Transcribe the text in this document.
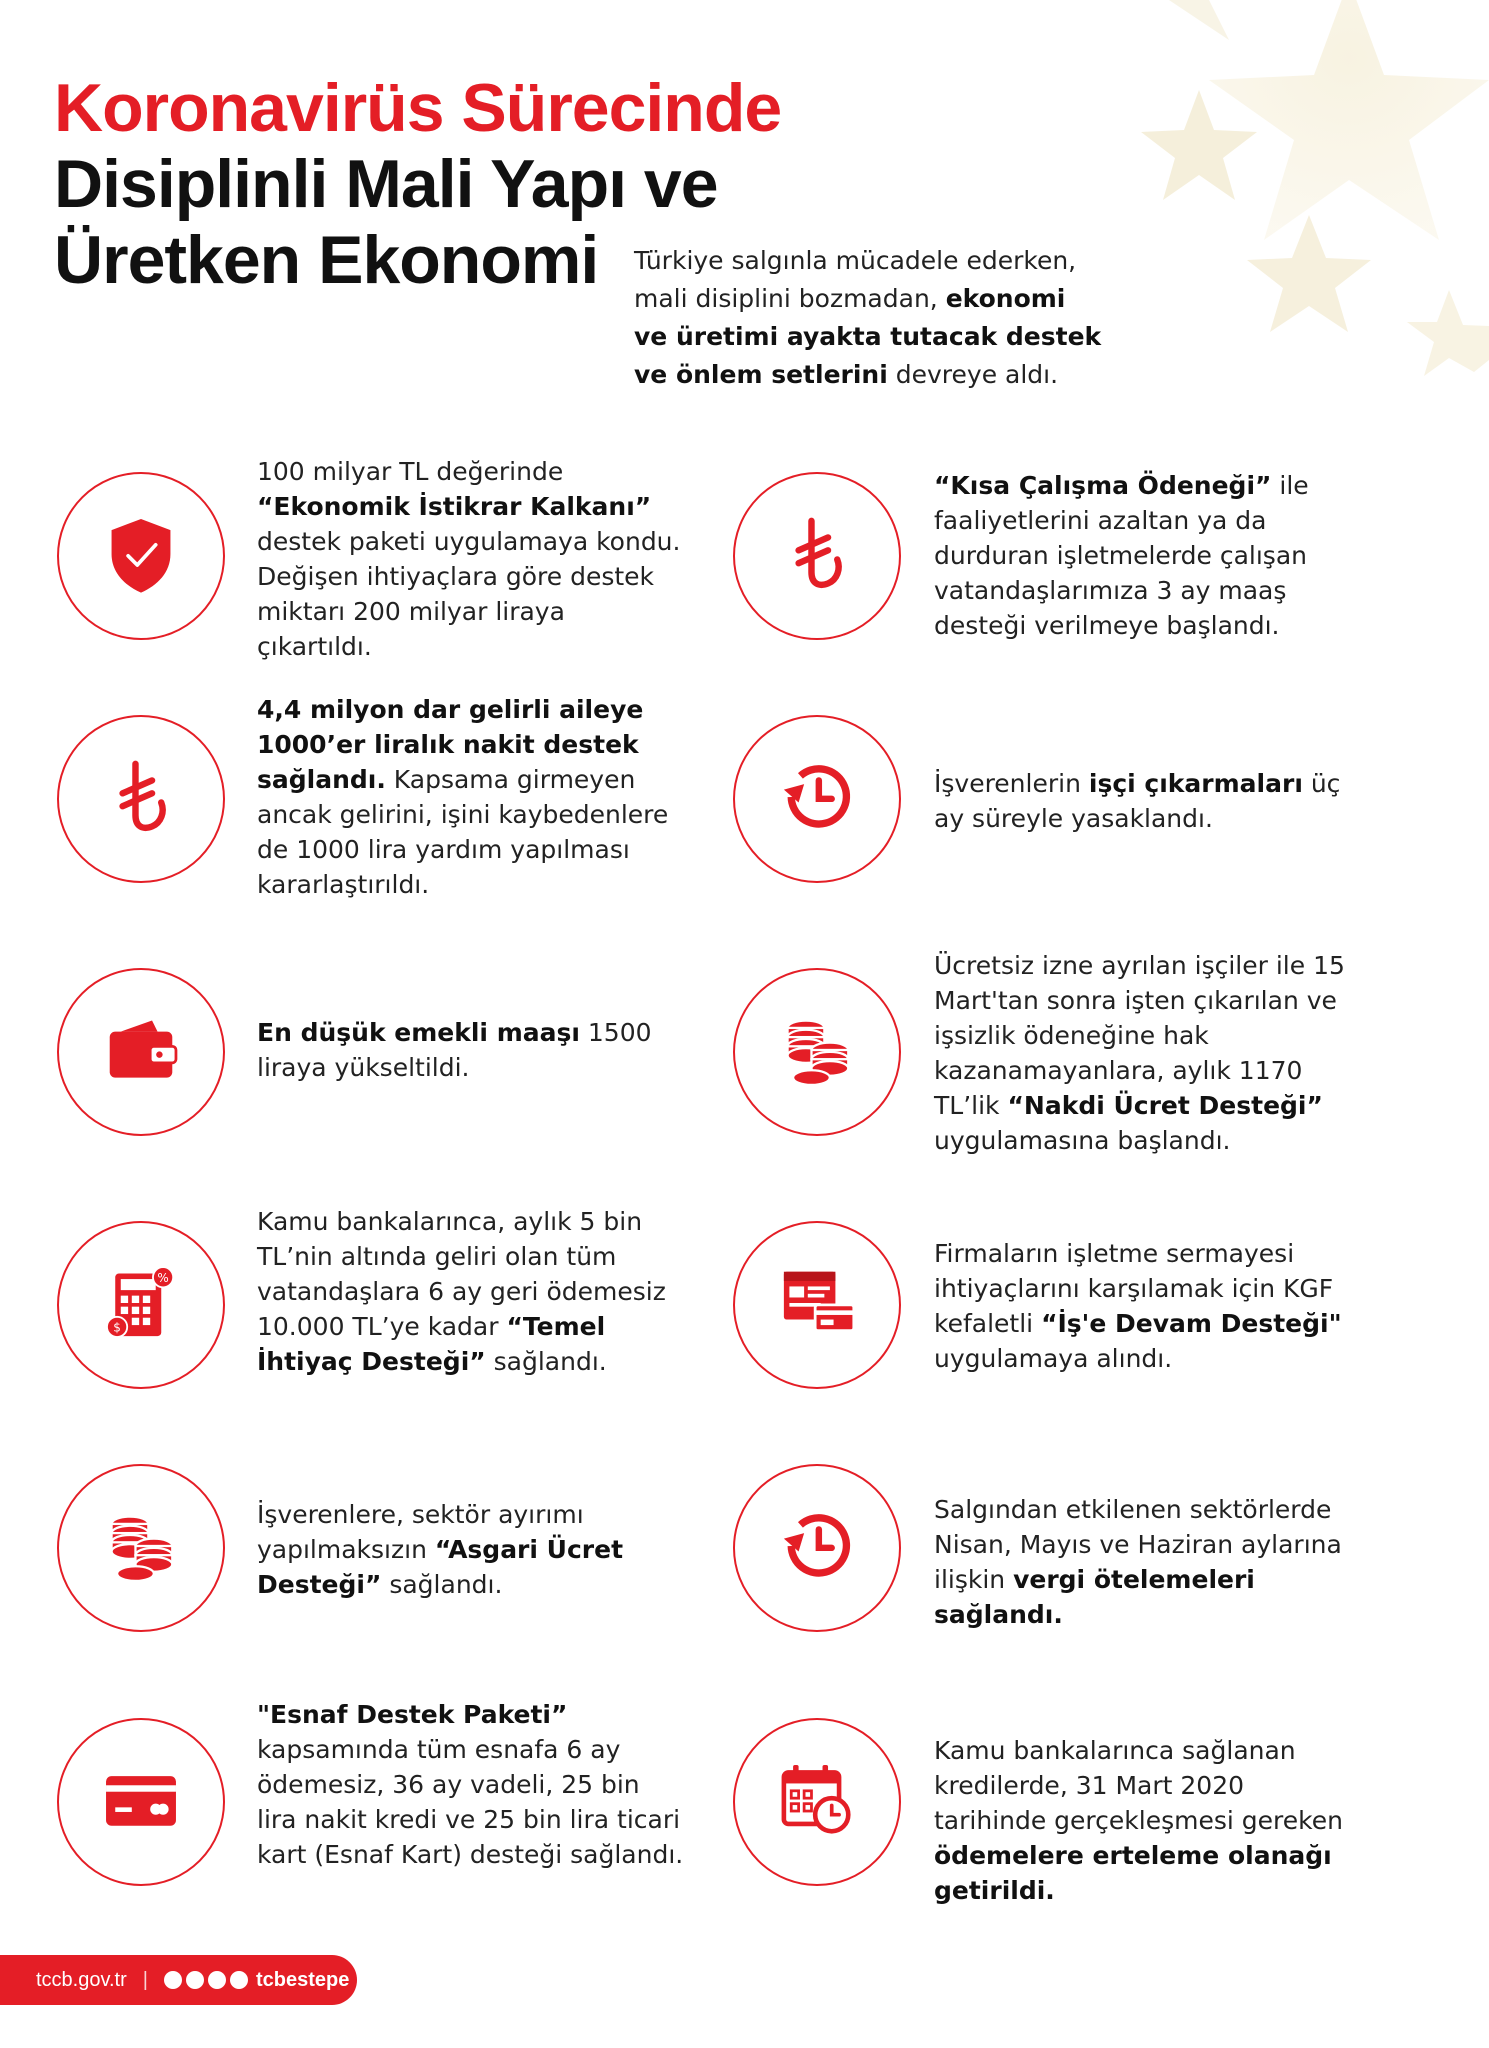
Koronavirüs Sürecinde
Disiplinli Mali Yapı ve
Üretken Ekonomi	Türkiye salgınla mücadele ederken, mali disiplini bozmadan, ekonomi ve üretimi ayakta tutacak destek ve önlem setlerini devreye aldı.
100 milyar TL değerinde “Ekonomik İstikrar Kalkanı” destek paketi uygulamaya kondu. Değişen ihtiyaçlara göre destek miktarı 200 milyar liraya çıkartıldı.
“Kısa Çalışma Ödeneği” ile faaliyetlerini azaltan ya da durduran işletmelerde çalışan vatandaşlarımıza 3 ay maaş desteği verilmeye başlandı.
4,4 milyon dar gelirli aileye 1000’er liralık nakit destek sağlandı. Kapsama girmeyen ancak gelirini, işini kaybedenlere de 1000 lira yardım yapılması kararlaştırıldı.
İşverenlerin işçi çıkarmaları üç ay süreyle yasaklandı.
En düşük emekli maaşı 1500 liraya yükseltildi.
Ücretsiz izne ayrılan işçiler ile 15 Mart'tan sonra işten çıkarılan ve işsizlik ödeneğine hak kazanamayanlara, aylık 1170 TL’lik “Nakdi Ücret Desteği” uygulamasına başlandı.
%
$
Kamu bankalarınca, aylık 5 bin TL’nin altında geliri olan tüm vatandaşlara 6 ay geri ödemesiz 10.000 TL’ye kadar “Temel İhtiyaç Desteği” sağlandı.
Firmaların işletme sermayesi ihtiyaçlarını karşılamak için KGF kefaletli “İş'e Devam Desteği" uygulamaya alındı.
İşverenlere, sektör ayırımı yapılmaksızın “Asgari Ücret Desteği” sağlandı.
Salgından etkilenen sektörlerde Nisan, Mayıs ve Haziran aylarına ilişkin vergi ötelemeleri sağlandı.
"Esnaf Destek Paketi” kapsamında tüm esnafa 6 ay ödemesiz, 36 ay vadeli, 25 bin lira nakit kredi ve 25 bin lira ticari kart (Esnaf Kart) desteği sağlandı.
Kamu bankalarınca sağlanan kredilerde, 31 Mart 2020 tarihinde gerçekleşmesi gereken ödemelere erteleme olanağı getirildi.
tccb.gov.tr |	tcbestepe
